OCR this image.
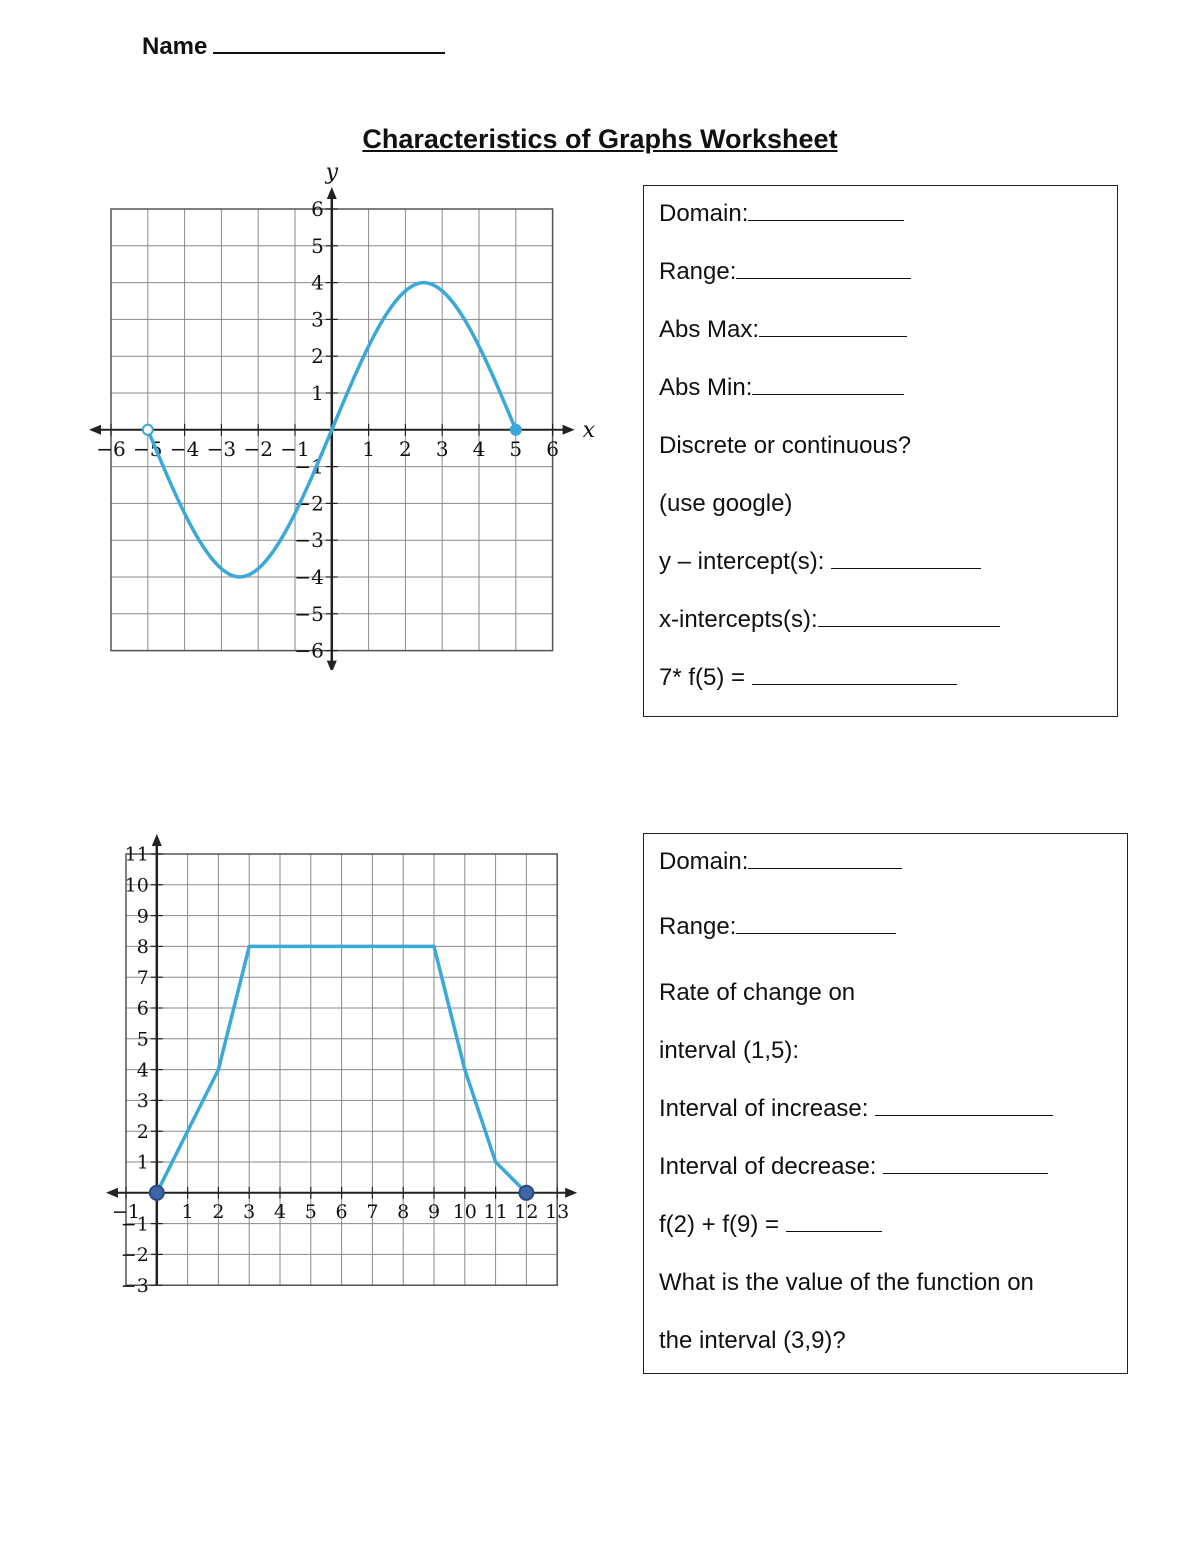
Name
Characteristics of Graphs Worksheet
−6 −5 −4 −3 −2 −1	1 2 3 4 5 6
6
5
4
3
2
1
−1
−2
−3
−4
−5
−6
x
y
−1 1 2 3 4 5 6 7 8 9 10 11 12 13
11
10
9
8
7
6
5
4
3
2
1
−1
−2
−3
Domain:
Range:
Abs Max:
Abs Min:
Discrete or continuous?
(use google)
y – intercept(s):
x-intercepts(s):
7* f(5) =
Domain:
Range:
Rate of change on
interval (1,5):
Interval of increase:
Interval of decrease:
f(2) + f(9) =
What is the value of the function on
the interval (3,9)?
